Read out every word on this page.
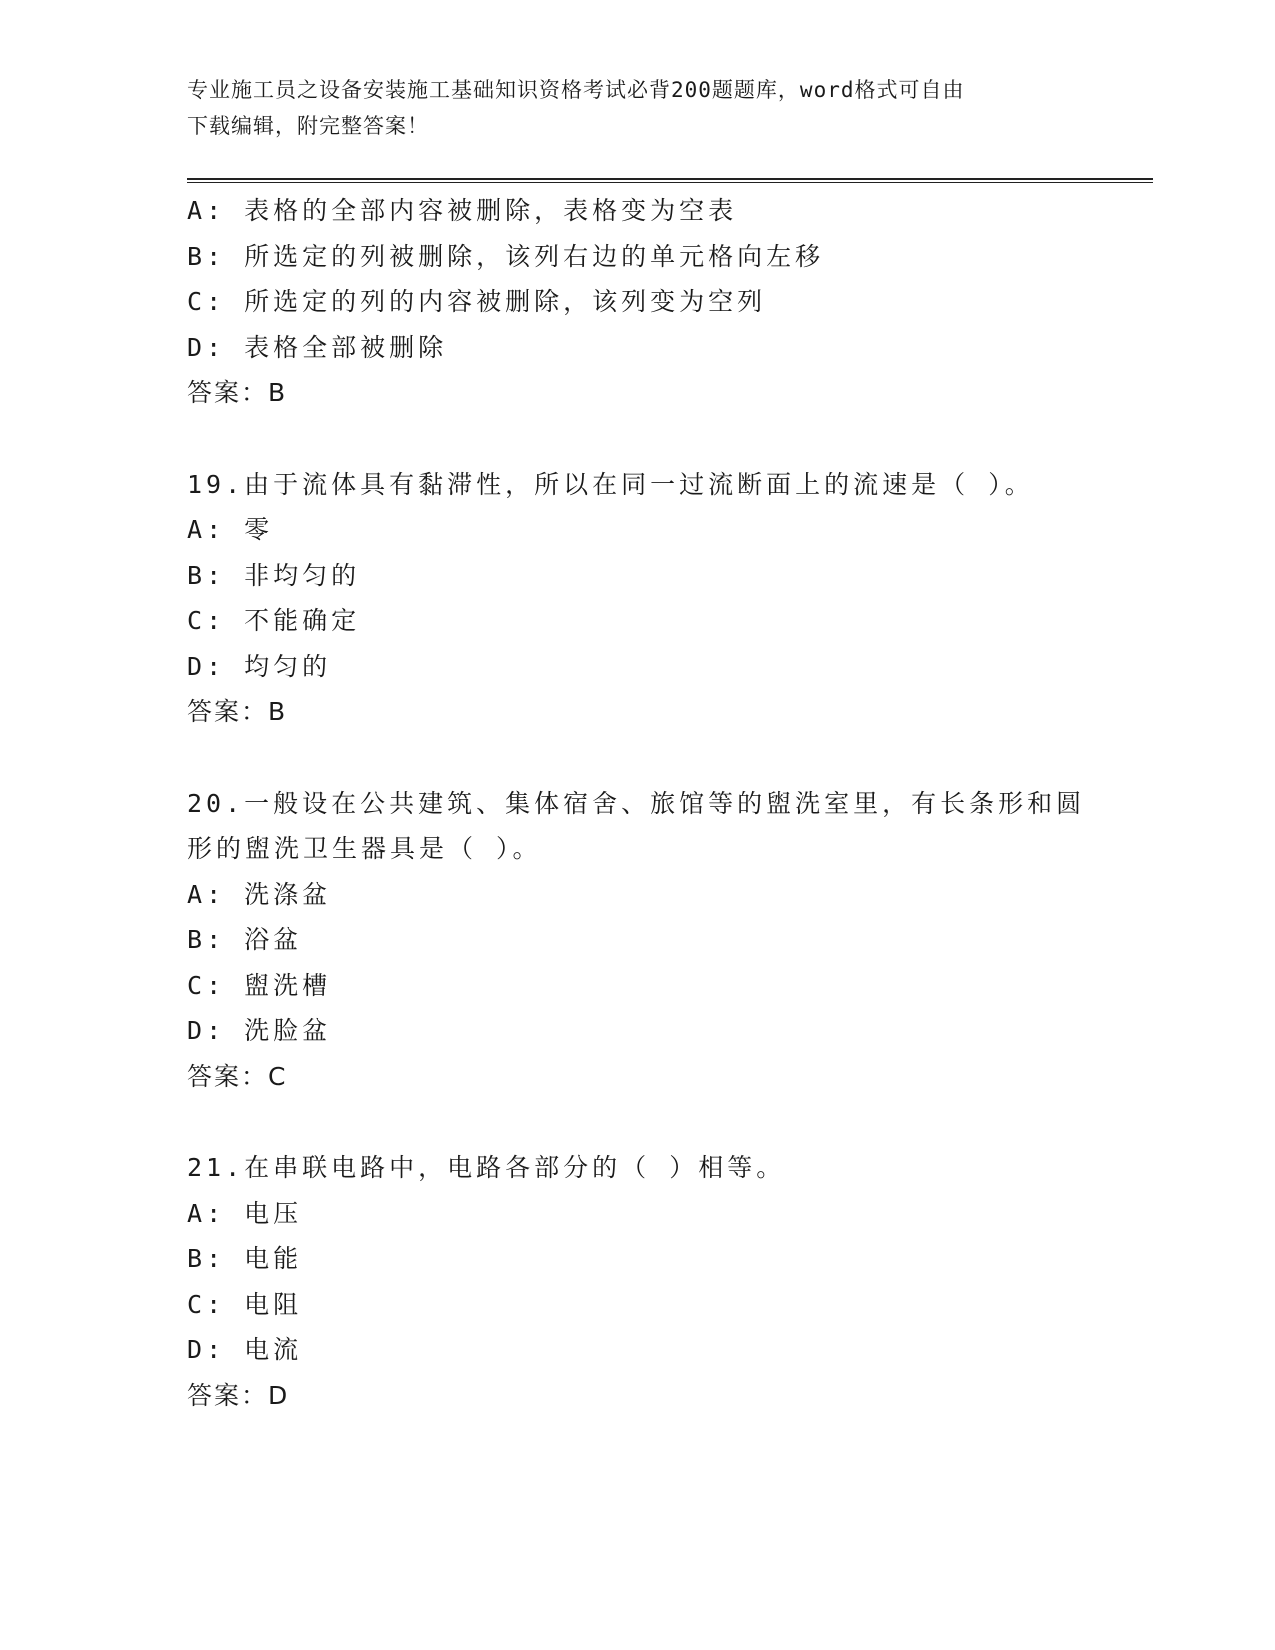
专业施工员之设备安装施工基础知识资格考试必背200题题库，word格式可自由
下载编辑，附完整答案！
A: 表格的全部内容被删除，表格变为空表
B: 所选定的列被删除，该列右边的单元格向左移
C: 所选定的列的内容被删除，该列变为空列
D: 表格全部被删除
答案：B
19.由于流体具有黏滞性，所以在同一过流断面上的流速是（ ）。
A: 零
B: 非均匀的
C: 不能确定
D: 均匀的
答案：B
20.一般设在公共建筑、集体宿舍、旅馆等的盥洗室里，有长条形和圆
形的盥洗卫生器具是（ ）。
A: 洗涤盆
B: 浴盆
C: 盥洗槽
D: 洗脸盆
答案：C
21.在串联电路中，电路各部分的（ ）相等。
A: 电压
B: 电能
C: 电阻
D: 电流
答案：D
